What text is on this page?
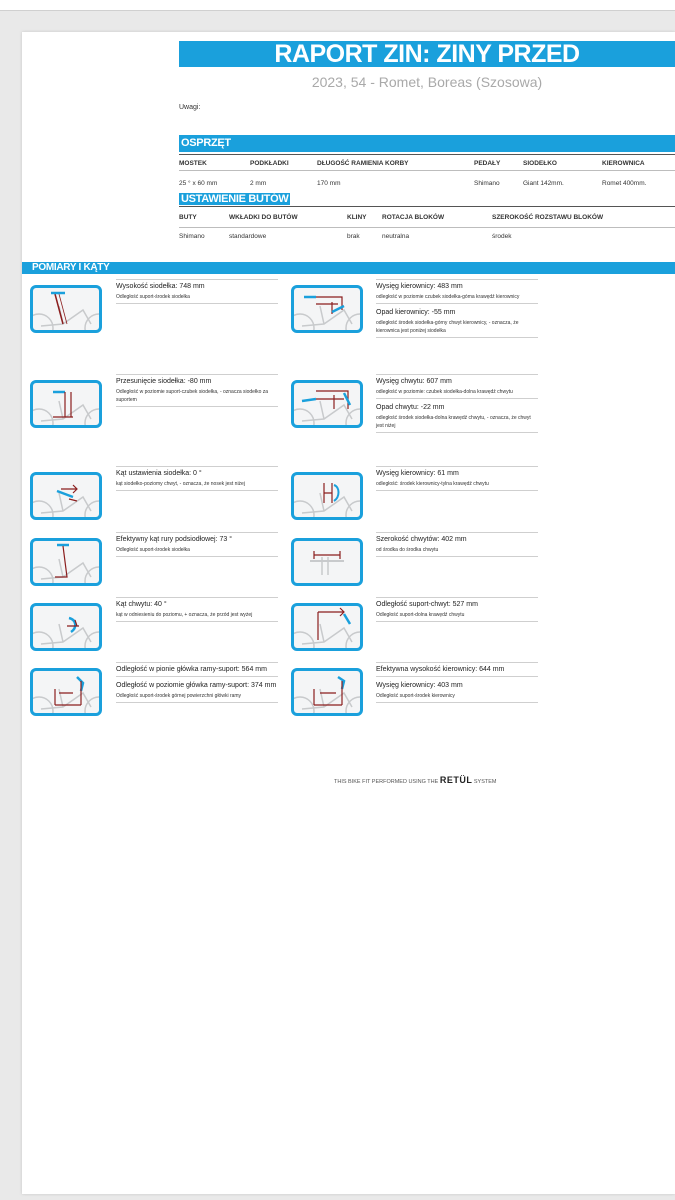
RAPORT ZIN: ZINY PRZED
2023, 54 - Romet, Boreas (Szosowa)
Uwagi:
OSPRZĘT
USTAWIENIE BUTÓW
POMIARY I KĄTY
THIS BIKE FIT PERFORMED USING THE RETÜL SYSTEM
MOSTEK
25 ° x 60 mm
PODKŁADKI
2 mm
DŁUGOŚĆ RAMIENIA KORBY
170 mm
PEDAŁY
Shimano
SIODEŁKO
Giant 142mm.
KIEROWNICA
Romet 400mm.
BUTY
Shimano
WKŁADKI DO BUTÓW
standardowe
KLINY
brak
ROTACJA BLOKÓW
neutralna
SZEROKOŚĆ ROZSTAWU BLOKÓW
środek
Wysokość siodełka: 748 mm
Odległość suport-środek siodełka
Przesunięcie siodełka: -80 mm
Odległość w poziomie suport-czubek siodełka, - oznacza siodełko za suportem
Kąt ustawienia siodełka: 0 °
kąt siodełko-poziomy chwyt, - oznacza, że nosek jest niżej
Efektywny kąt rury podsiodłowej: 73 °
Odległość suport-środek siodełka
Kąt chwytu: 40 °
kąt w odniesieniu do poziomu, + oznacza, że przód jest wyżej
Odległość w pionie główka ramy-suport: 564 mm
Odległość w poziomie główka ramy-suport: 374 mm
Odległość suport-środek górnej powierzchni główki ramy
Wysięg kierownicy: 483 mm
odległość w poziomie czubek siodełka-góma krawędź kierownicy
Opad kierownicy: -55 mm
odległość środek siodełka-górny chwyt kierownicy, - oznacza, że kierownica jest poniżej siodełka
Wysięg chwytu: 607 mm
odległość w poziomie: czubek siodełka-dolna krawędź chwytu
Opad chwytu: -22 mm
odległość środek siodełka-dolna krawędź chwytu, - oznacza, że chwyt jest niżej
Wysięg kierownicy: 61 mm
odległość: środek kierownicy-tylna krawędź chwytu
Szerokość chwytów: 402 mm
od środka do środka chwytu
Odległość suport-chwyt: 527 mm
Odległość suport-dolna krawędź chwytu
Efektywna wysokość kierownicy: 644 mm
Wysięg kierownicy: 403 mm
Odległość suport-środek kierownicy
